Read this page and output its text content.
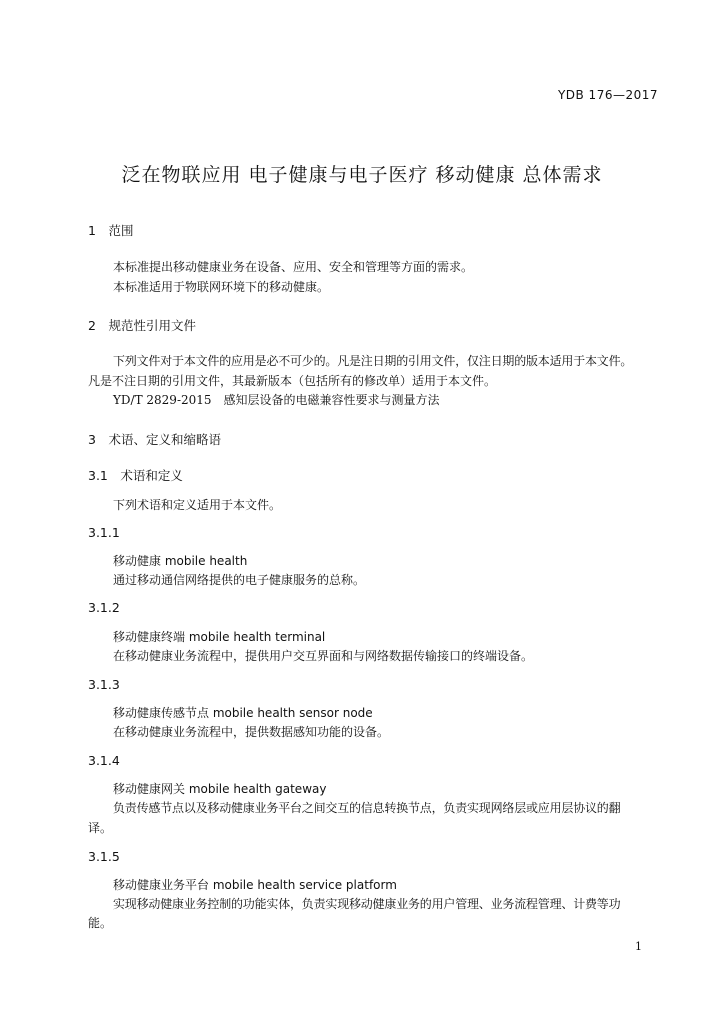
YDB 176—2017
泛在物联应用 电子健康与电子医疗 移动健康 总体需求
1　范围
本标准提出移动健康业务在设备、应用、安全和管理等方面的需求。
本标准适用于物联网环境下的移动健康。
2　规范性引用文件
下列文件对于本文件的应用是必不可少的。凡是注日期的引用文件，仅注日期的版本适用于本文件。
凡是不注日期的引用文件，其最新版本（包括所有的修改单）适用于本文件。
YD/T 2829-2015　感知层设备的电磁兼容性要求与测量方法
3　术语、定义和缩略语
3.1　术语和定义
下列术语和定义适用于本文件。
3.1.1
移动健康 mobile health
通过移动通信网络提供的电子健康服务的总称。
3.1.2
移动健康终端 mobile health terminal
在移动健康业务流程中，提供用户交互界面和与网络数据传输接口的终端设备。
3.1.3
移动健康传感节点 mobile health sensor node
在移动健康业务流程中，提供数据感知功能的设备。
3.1.4
移动健康网关 mobile health gateway
负责传感节点以及移动健康业务平台之间交互的信息转换节点，负责实现网络层或应用层协议的翻
译。
3.1.5
移动健康业务平台 mobile health service platform
实现移动健康业务控制的功能实体，负责实现移动健康业务的用户管理、业务流程管理、计费等功
能。
1
